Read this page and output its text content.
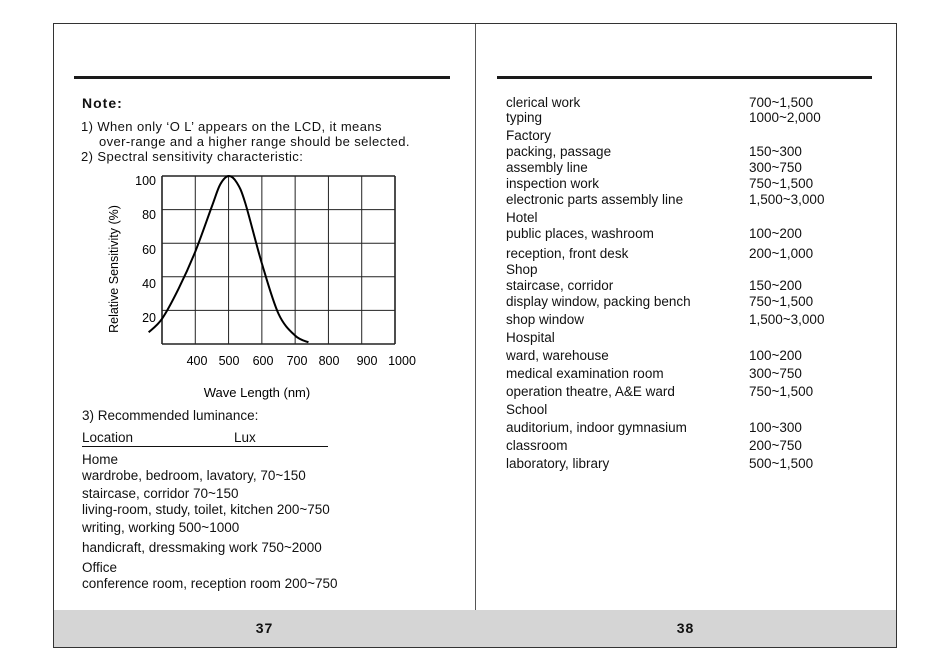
Note:
1) When only ‘O L’ appears on the LCD, it means
over-range and a higher range should be selected.
2) Spectral sensitivity characteristic:
20
40
60
80
100
400 500 600 700 800 900 1000
Relative Sensitivity (%)
Wave Length (nm)
3) Recommended luminance:
Location	Lux
Home
wardrobe, bedroom, lavatory, 70~150
staircase, corridor 70~150
living-room, study, toilet, kitchen 200~750
writing, working 500~1000
handicraft, dressmaking work 750~2000
Office
conference room, reception room 200~750
37
clerical work	700~1,500
typing	1000~2,000
Factory
packing, passage	150~300
assembly line	300~750
inspection work	750~1,500
electronic parts assembly line	1,500~3,000
Hotel
public places, washroom	100~200
reception, front desk	200~1,000
Shop
staircase, corridor	150~200
display window, packing bench	750~1,500
shop window	1,500~3,000
Hospital
ward, warehouse	100~200
medical examination room	300~750
operation theatre, A&E ward	750~1,500
School
auditorium, indoor gymnasium	100~300
classroom	200~750
laboratory, library	500~1,500
38
